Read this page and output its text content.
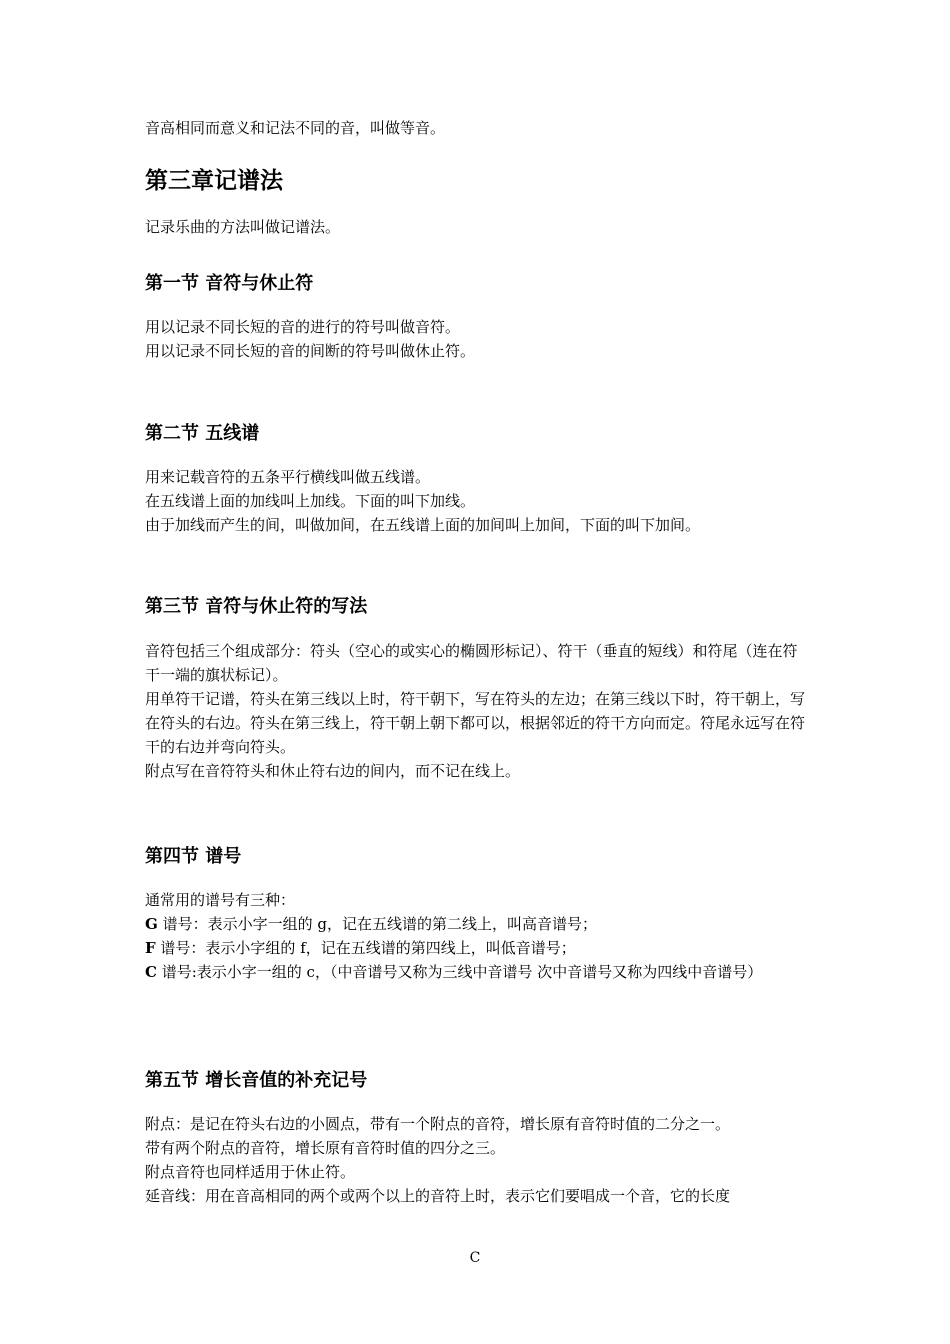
音高相同而意义和记法不同的音，叫做等音。

第三章记谱法

记录乐曲的方法叫做记谱法。

第一节 音符与休止符

用以记录不同长短的音的进行的符号叫做音符。

用以记录不同长短的音的间断的符号叫做休止符。

第二节 五线谱

用来记载音符的五条平行横线叫做五线谱。

在五线谱上面的加线叫上加线。下面的叫下加线。

由于加线而产生的间，叫做加间，在五线谱上面的加间叫上加间，下面的叫下加间。

第三节 音符与休止符的写法

音符包括三个组成部分：符头（空心的或实心的椭圆形标记）、符干（垂直的短线）和符尾（连在符干一端的旗状标记）。

用单符干记谱，符头在第三线以上时，符干朝下，写在符头的左边；在第三线以下时，符干朝上，写在符头的右边。符头在第三线上，符干朝上朝下都可以，根据邻近的符干方向而定。符尾永远写在符干的右边并弯向符头。

附点写在音符符头和休止符右边的间内，而不记在线上。

第四节 谱号

通常用的谱号有三种：

G 谱号：表示小字一组的 g，记在五线谱的第二线上，叫高音谱号；

F 谱号：表示小字组的 f，记在五线谱的第四线上，叫低音谱号；

C 谱号:表示小字一组的 c，（中音谱号又称为三线中音谱号 次中音谱号又称为四线中音谱号）

第五节 增长音值的补充记号

附点：是记在符头右边的小圆点，带有一个附点的音符，增长原有音符时值的二分之一。

带有两个附点的音符，增长原有音符时值的四分之三。

附点音符也同样适用于休止符。

延音线：用在音高相同的两个或两个以上的音符上时，表示它们要唱成一个音，它的长度

C
